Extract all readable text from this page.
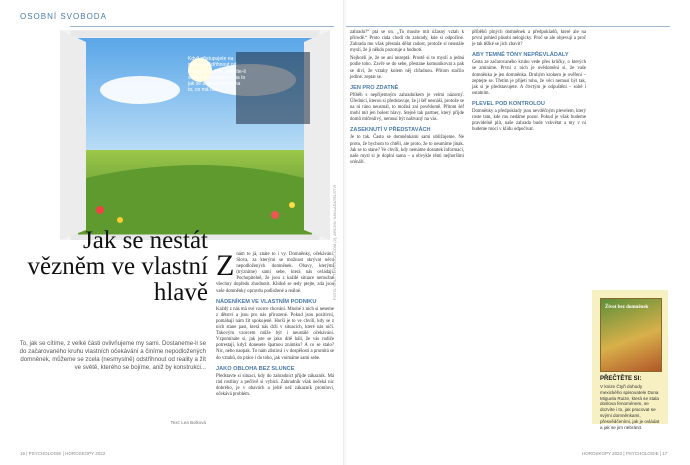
OSOBNÍ SVOBODA
Když přistupujete na mohou odstřihnout od reality. Otevřete nevidíte-li slunce a zaměřte se na to jak se dívá na věci a na to, co má rádi
Jak se nestát vězněm ve vlastní hlavě
To, jak se cítíme, z velké části ovlivňujeme my sami. Dostaneme-li se do začarovaného kruhu vlastních očekávání a činíme nepodložených domněnek, můžeme se zcela (nesmyslně) odstřihnout od reality a žít ve světě, kterého se bojíme, aniž by konstrukci...
Text: Lea Bolková

Znám to já, znáte to i vy. Domněnky, očekávání. Slova, za kterými se možnost skrývat něco nepodložených domněnek. Obavy, kterými (trýzníme) sami sebe, která nás ovládají. Pochopitelně, že jsou z každé situace nemožné všechny dopředu zhodnotit. Klidně se tedy ptejte, zda jsou vaše domněnky opravdu podložené a reálné.

NÁDENÍKEM VE VLASTNÍM PODNIKU

Každý z nás má své vzorce chování. Mnohé z nich si neseme z dětství a jsou pro nás přirozené. Pokud jsou pozitivní, pomáhají nám žít spokojeně. Horší je to ve chvíli, kdy se z nich stane past, která nás drží v situacích, které nás ničí. Takovým vzorcem může být i neustálé očekávání. Vzpomínáte si, jak jste se jako dítě báli, že vás rodiče potrestají, když donesete špatnou známku? A co se stalo? Nic, nebo naopak. To nám zůstává i v dospělosti a promítá se do vztahů, do práce i do toho, jak vnímáme sami sebe.

JAKO OBLOHA BEZ SLUNCE

Představte si situaci, kdy do zahradníct přijde zákazník. Má rád rostliny a pečlivě si vybírá. Zahradník však nečeká nic dobrého, je v obavách a ještě než zákazník promluví, očekává problém.

16 | PSYCHOLOGIE | HOROSKOPY 2022

zahradu?“ ptá se on. „To musíte mít úžasný vztah k přírodě.“ Proto ráda chodí do zahrady, kde si odpočine. Zahrada mu však přestala dělat radost, protože si neustále myslí, že ji někdo pozoruje a hodnotí.

Nejhorší je, že se ani nezeptá. Prostě si to myslí a jedná podle toho. Zavře se do sebe, přestane komunikovat a pak se diví, že vztahy kolem něj chřadnou. Přitom stačilo jediné: zeptat se.

JEN PRO ZDATNÉ

Příběh s nepříjemným zahradníkem je velmi názorný. Úřednici, kterou si představuje, že ji šéf nesnáší, protože se na ni ráno neusmál, to možná zní povědomě. Přitom šéf mohl mít jen bolest hlavy. Stejně tak partner, který přijde domů mlčenlivý, nemusí být naštvaný na vás.

ZASEKNUTÍ V PŘEDSTAVÁCH

Je to tak. Často se domněnkami sami ubližujeme. Ne proto, že bychom to chtěli, ale proto, že to neumíme jinak. Jak se to stane? Ve chvíli, kdy nemáme dostatek informací, naše mysl si je doplní sama – a obvykle těmi nejhoršími scénáři.

příběhů plných domněnek a předpokladů, které ale na první pohled působí nelogicky. Proč se ale objevují a proč je tak těžké se jich zbavit?

ABY TEMNÉ TÓNY NEPŘEVLÁDALY

Cesta ze začarovaného kruhu vede přes krůčky, o kterých se zmíníme. První z nich je uvědomění si, že vaše domněnka je jen domněnka. Druhým krokem je ověření – zeptejte se. Třetím je přijetí toho, že věci nemusí být tak, jak si je představujete. A čtvrtým je odpuštění – sobě i ostatním.

PLEVEL POD KONTROLOU

Domněnky a předpoklady jsou nevděčným plevelem, který roste tam, kde mu nedáme pozor. Pokud je však budeme pravidelně plít, naše zahrada bude vzkvétat a my v ní budeme moci v klidu odpočívat.

Život bez domněnek
PŘEČTĚTE SI:
V knize Čtyři dohody mexického spisovatele Dona Miguela Ruize, která se stala doslova fenoménem, se dozvíte i to, jak pracovat se svými domněnkami, přesvědčeními, jak je ovládat a jak se jim nebránit.
HOROSKOPY 2022 | PSYCHOLOGIE | 17
FOTO: SHUTTERSTOCK.COM (2), ARCHIV NAKLADATELSTVÍ
